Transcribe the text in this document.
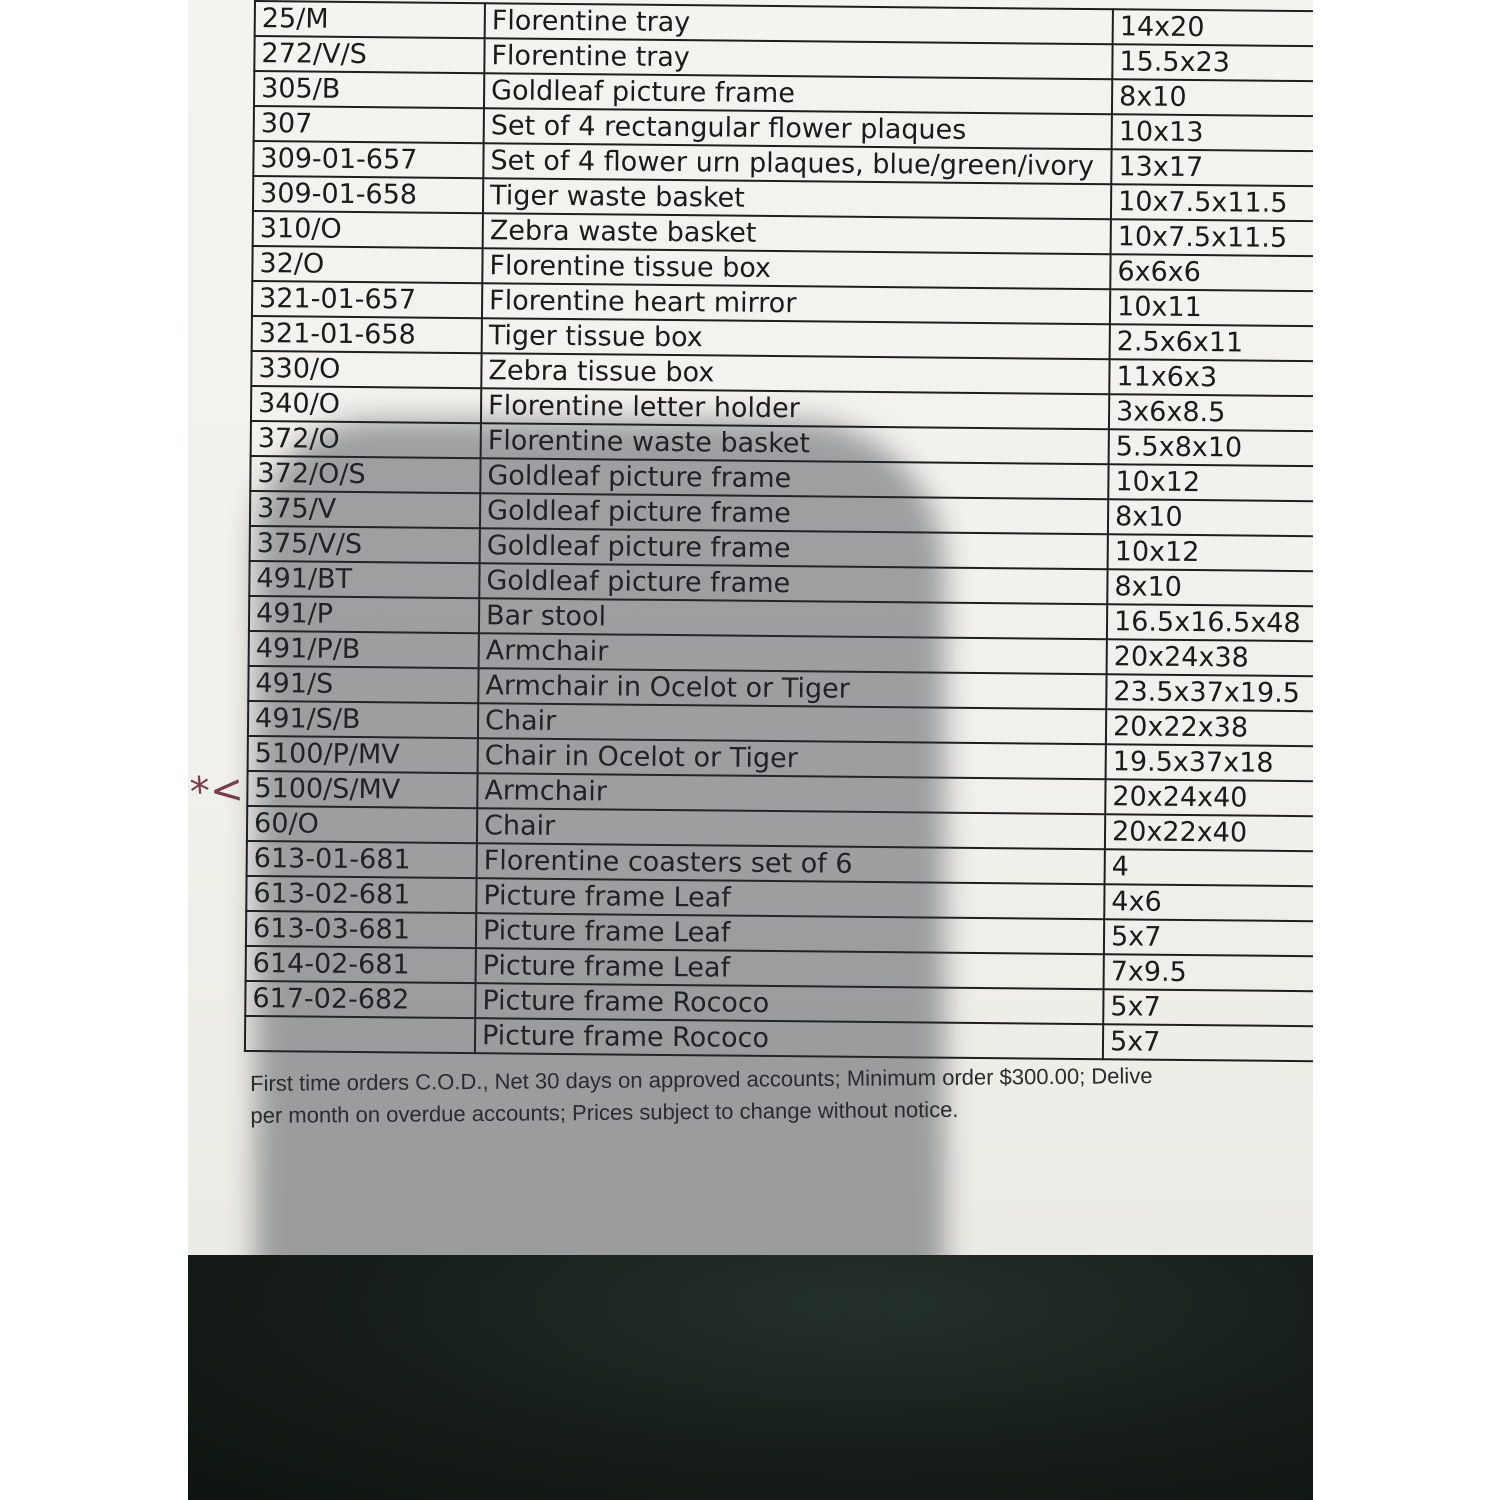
25/M	Florentine tray	14x20
272/V/S	Florentine tray	15.5x23
305/B	Goldleaf picture frame	8x10
307	Set of 4 rectangular flower plaques	10x13
309-01-657	Set of 4 flower urn plaques, blue/green/ivory	13x17
309-01-658	Tiger waste basket	10x7.5x11.5
310/O	Zebra waste basket	10x7.5x11.5
32/O	Florentine tissue box	6x6x6
321-01-657	Florentine heart mirror	10x11
321-01-658	Tiger tissue box	2.5x6x11
330/O	Zebra tissue box	11x6x3
340/O	Florentine letter holder	3x6x8.5
372/O	Florentine waste basket	5.5x8x10
372/O/S	Goldleaf picture frame	10x12
375/V	Goldleaf picture frame	8x10
375/V/S	Goldleaf picture frame	10x12
491/BT	Goldleaf picture frame	8x10
491/P	Bar stool	16.5x16.5x48
491/P/B	Armchair	20x24x38
491/S	Armchair in Ocelot or Tiger	23.5x37x19.5
491/S/B	Chair	20x22x38
5100/P/MV	Chair in Ocelot or Tiger	19.5x37x18
5100/S/MV	Armchair	20x24x40
60/O	Chair	20x22x40
613-01-681	Florentine coasters set of 6	4
613-02-681	Picture frame Leaf	4x6
613-03-681	Picture frame Leaf	5x7
614-02-681	Picture frame Leaf	7x9.5
617-02-682	Picture frame Rococo	5x7
	Picture frame Rococo	5x7
First time orders C.O.D., Net 30 days on approved accounts; Minimum order $300.00; Delive
per month on overdue accounts; Prices subject to change without notice.
*<
